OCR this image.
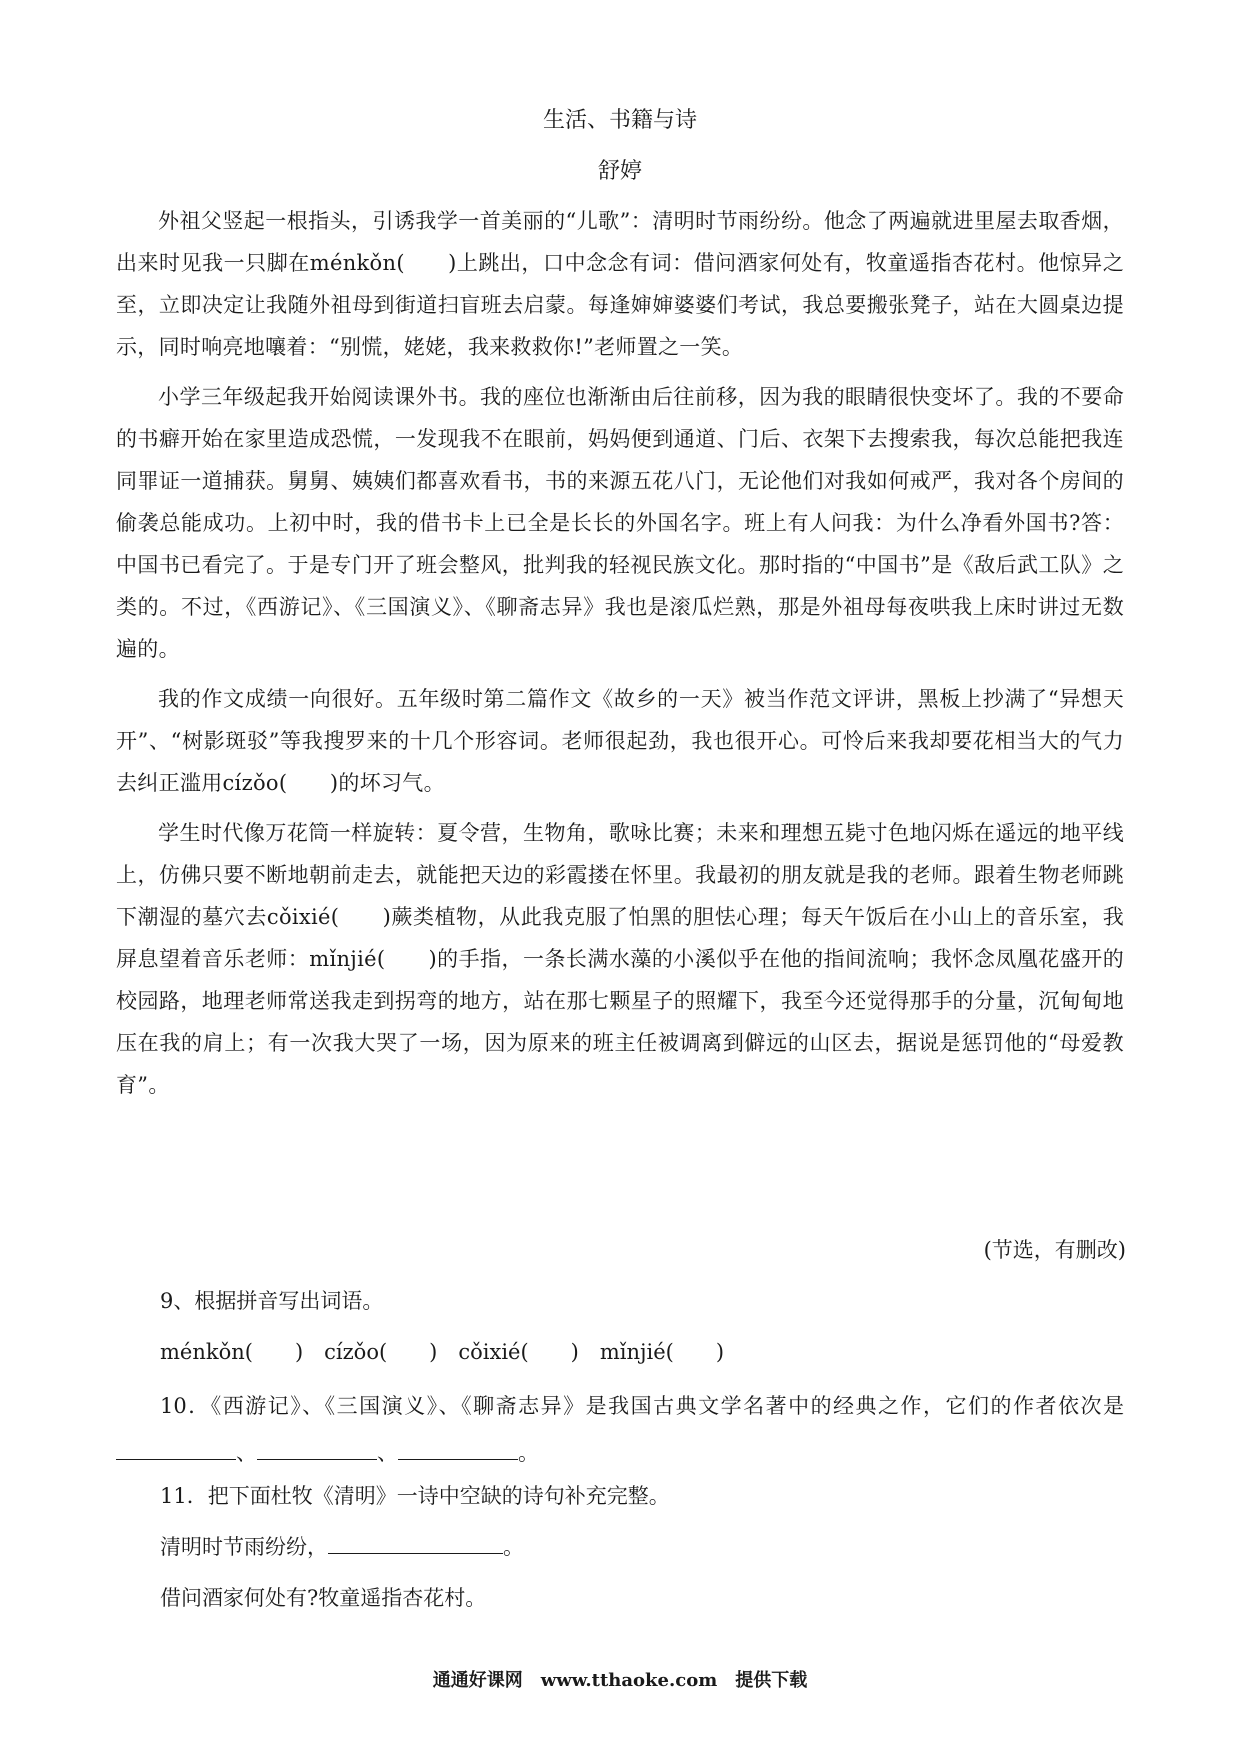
生活、书籍与诗
舒婷

外祖父竖起一根指头，引诱我学一首美丽的“儿歌”：清明时节雨纷纷。他念了两遍就进里屋去取香烟，出来时见我一只脚在ménkǒn(　　)上跳出，口中念念有词：借问酒家何处有，牧童遥指杏花村。他惊异之至，立即决定让我随外祖母到街道扫盲班去启蒙。每逢婶婶婆婆们考试，我总要搬张凳子，站在大圆桌边提示，同时响亮地嚷着：“别慌，姥姥，我来救救你!”老师置之一笑。

小学三年级起我开始阅读课外书。我的座位也渐渐由后往前移，因为我的眼睛很快变坏了。我的不要命的书癖开始在家里造成恐慌，一发现我不在眼前，妈妈便到通道、门后、衣架下去搜索我，每次总能把我连同罪证一道捕获。舅舅、姨姨们都喜欢看书，书的来源五花八门，无论他们对我如何戒严，我对各个房间的偷袭总能成功。上初中时，我的借书卡上已全是长长的外国名字。班上有人问我：为什么净看外国书?答：中国书已看完了。于是专门开了班会整风，批判我的轻视民族文化。那时指的“中国书”是《敌后武工队》之类的。不过，《西游记》、《三国演义》、《聊斋志异》我也是滚瓜烂熟，那是外祖母每夜哄我上床时讲过无数遍的。

我的作文成绩一向很好。五年级时第二篇作文《故乡的一天》被当作范文评讲，黑板上抄满了“异想天开”、“树影斑驳”等我搜罗来的十几个形容词。老师很起劲，我也很开心。可怜后来我却要花相当大的气力去纠正滥用cízǒo(　　)的坏习气。

学生时代像万花筒一样旋转：夏令营，生物角，歌咏比赛；未来和理想五毙寸色地闪烁在遥远的地平线上，仿佛只要不断地朝前走去，就能把天边的彩霞搂在怀里。我最初的朋友就是我的老师。跟着生物老师跳下潮湿的墓穴去cǒixié(　　)蕨类植物，从此我克服了怕黑的胆怯心理；每天午饭后在小山上的音乐室，我屏息望着音乐老师：mǐnjié(　　)的手指，一条长满水藻的小溪似乎在他的指间流响；我怀念凤凰花盛开的校园路，地理老师常送我走到拐弯的地方，站在那七颗星子的照耀下，我至今还觉得那手的分量，沉甸甸地压在我的肩上；有一次我大哭了一场，因为原来的班主任被调离到僻远的山区去，据说是惩罚他的“母爱教育”。

(节选，有删改)
9、根据拼音写出词语。
ménkǒn(　　)　cízǒo(　　)　cǒixié(　　)　mǐnjié(　　)
10．《西游记》、《三国演义》、《聊斋志异》是我国古典文学名著中的经典之作，它们的作者依次是、	、	。
11．把下面杜牧《清明》一诗中空缺的诗句补充完整。
清明时节雨纷纷，	。
借问酒家何处有?牧童遥指杏花村。
通通好课网　www.tthaoke.com　提供下载
